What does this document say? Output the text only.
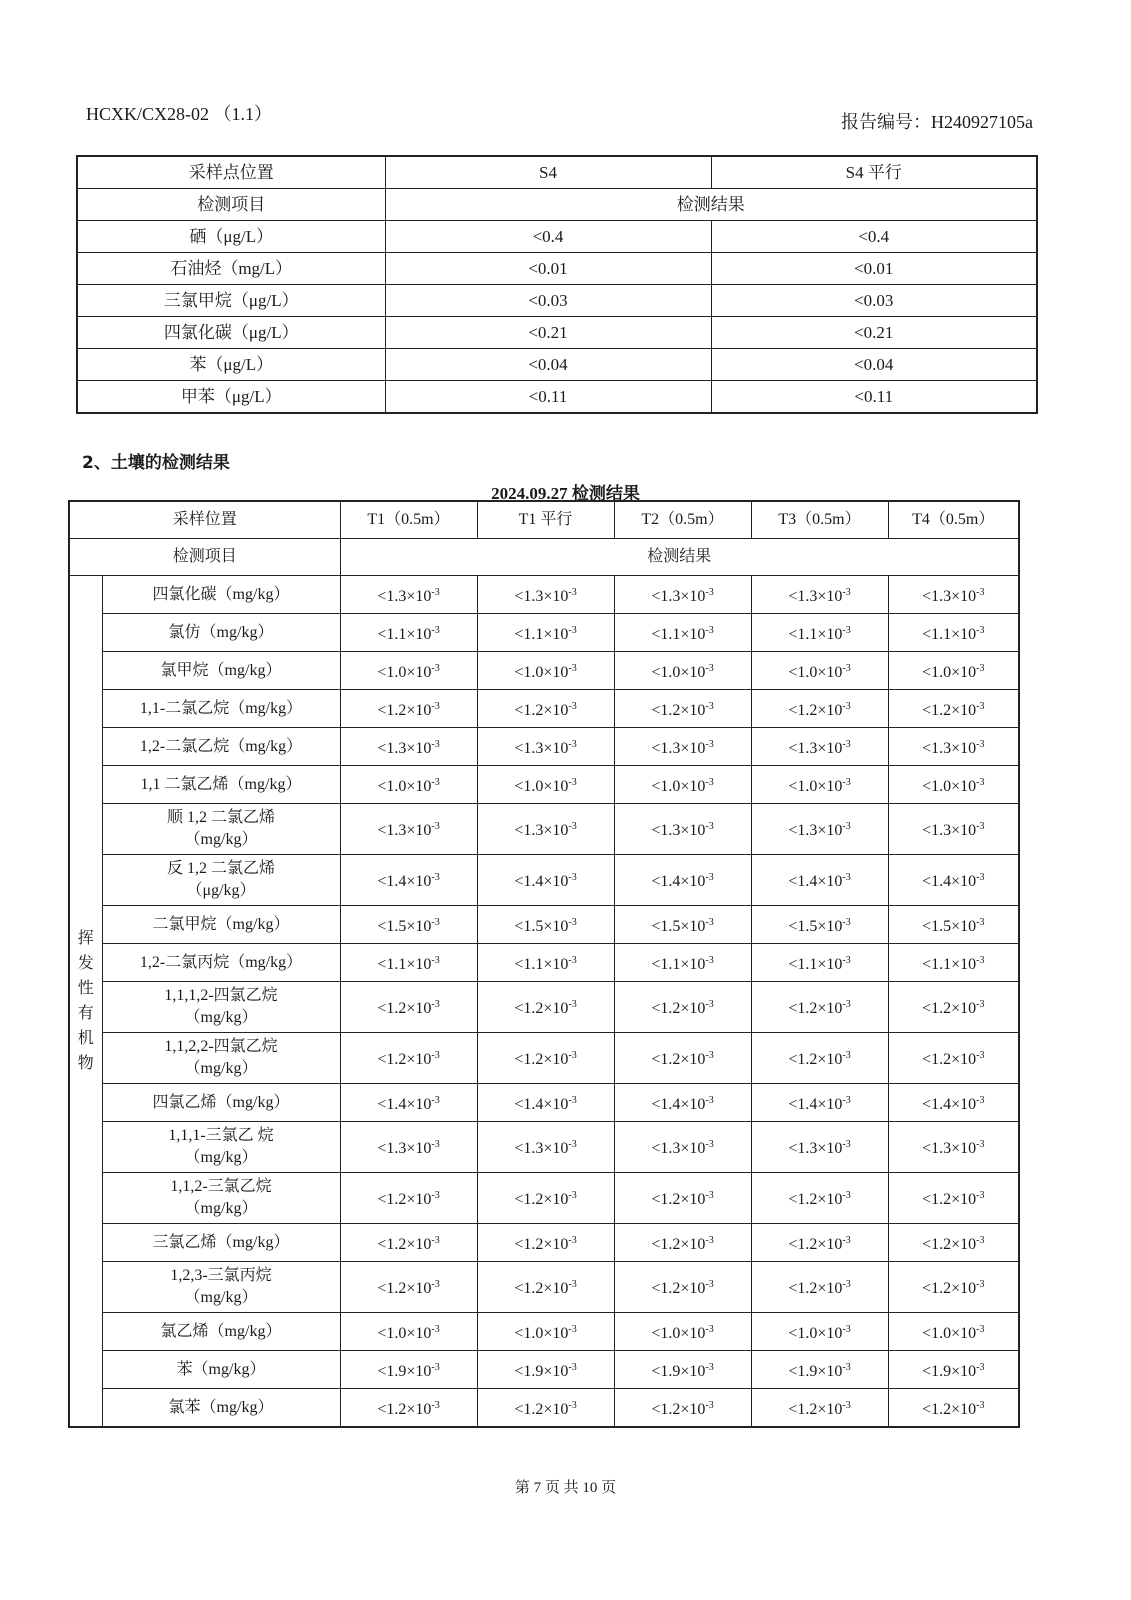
HCXK/CX28-02 （1.1）	报告编号：H240927105a
采样点位置	S4	S4 平行
检测项目	检测结果	
硒（μg/L）	<0.4	<0.4
石油烃（mg/L）	<0.01	<0.01
三氯甲烷（μg/L）	<0.03	<0.03
四氯化碳（μg/L）	<0.21	<0.21
苯（μg/L）	<0.04	<0.04
甲苯（μg/L）	<0.11	<0.11
2、土壤的检测结果
2024.09.27 检测结果
采样位置		T1（0.5m）	T1 平行	T2（0.5m）	T3（0.5m）	T4（0.5m）
检测项目		检测结果				
挥发性有机物	四氯化碳（mg/kg）	$<1.3\times 10^{-3}$	$<1.3\times 10^{-3}$	$<1.3\times 10^{-3}$	$<1.3\times 10^{-3}$	$<1.3\times 10^{-3}$
	氯仿（mg/kg）	$<1.1\times 10^{-3}$	$<1.1\times 10^{-3}$	$<1.1\times 10^{-3}$	$<1.1\times 10^{-3}$	$<1.1\times 10^{-3}$
	氯甲烷（mg/kg）	$<1.0\times 10^{-3}$	$<1.0\times 10^{-3}$	$<1.0\times 10^{-3}$	$<1.0\times 10^{-3}$	$<1.0\times 10^{-3}$
	1,1-二氯乙烷（mg/kg）	$<1.2\times 10^{-3}$	$<1.2\times 10^{-3}$	$<1.2\times 10^{-3}$	$<1.2\times 10^{-3}$	$<1.2\times 10^{-3}$
	1,2-二氯乙烷（mg/kg）	$<1.3\times 10^{-3}$	$<1.3\times 10^{-3}$	$<1.3\times 10^{-3}$	$<1.3\times 10^{-3}$	$<1.3\times 10^{-3}$
	1,1 二氯乙烯（mg/kg）	$<1.0\times 10^{-3}$	$<1.0\times 10^{-3}$	$<1.0\times 10^{-3}$	$<1.0\times 10^{-3}$	$<1.0\times 10^{-3}$
	顺 1,2 二氯乙烯
（mg/kg）	$<1.3\times 10^{-3}$	$<1.3\times 10^{-3}$	$<1.3\times 10^{-3}$	$<1.3\times 10^{-3}$	$<1.3\times 10^{-3}$
	反 1,2 二氯乙烯
（μg/kg）	$<1.4\times 10^{-3}$	$<1.4\times 10^{-3}$	$<1.4\times 10^{-3}$	$<1.4\times 10^{-3}$	$<1.4\times 10^{-3}$
	二氯甲烷（mg/kg）	$<1.5\times 10^{-3}$	$<1.5\times 10^{-3}$	$<1.5\times 10^{-3}$	$<1.5\times 10^{-3}$	$<1.5\times 10^{-3}$
	1,2-二氯丙烷（mg/kg）	$<1.1\times 10^{-3}$	$<1.1\times 10^{-3}$	$<1.1\times 10^{-3}$	$<1.1\times 10^{-3}$	$<1.1\times 10^{-3}$
	1,1,1,2-四氯乙烷
（mg/kg）	$<1.2\times 10^{-3}$	$<1.2\times 10^{-3}$	$<1.2\times 10^{-3}$	$<1.2\times 10^{-3}$	$<1.2\times 10^{-3}$
	1,1,2,2-四氯乙烷
（mg/kg）	$<1.2\times 10^{-3}$	$<1.2\times 10^{-3}$	$<1.2\times 10^{-3}$	$<1.2\times 10^{-3}$	$<1.2\times 10^{-3}$
	四氯乙烯（mg/kg）	$<1.4\times 10^{-3}$	$<1.4\times 10^{-3}$	$<1.4\times 10^{-3}$	$<1.4\times 10^{-3}$	$<1.4\times 10^{-3}$
	1,1,1-三氯乙 烷
（mg/kg）	$<1.3\times 10^{-3}$	$<1.3\times 10^{-3}$	$<1.3\times 10^{-3}$	$<1.3\times 10^{-3}$	$<1.3\times 10^{-3}$
	1,1,2-三氯乙烷
（mg/kg）	$<1.2\times 10^{-3}$	$<1.2\times 10^{-3}$	$<1.2\times 10^{-3}$	$<1.2\times 10^{-3}$	$<1.2\times 10^{-3}$
	三氯乙烯（mg/kg）	$<1.2\times 10^{-3}$	$<1.2\times 10^{-3}$	$<1.2\times 10^{-3}$	$<1.2\times 10^{-3}$	$<1.2\times 10^{-3}$
	1,2,3-三氯丙烷
（mg/kg）	$<1.2\times 10^{-3}$	$<1.2\times 10^{-3}$	$<1.2\times 10^{-3}$	$<1.2\times 10^{-3}$	$<1.2\times 10^{-3}$
	氯乙烯（mg/kg）	$<1.0\times 10^{-3}$	$<1.0\times 10^{-3}$	$<1.0\times 10^{-3}$	$<1.0\times 10^{-3}$	$<1.0\times 10^{-3}$
	苯（mg/kg）	$<1.9\times 10^{-3}$	$<1.9\times 10^{-3}$	$<1.9\times 10^{-3}$	$<1.9\times 10^{-3}$	$<1.9\times 10^{-3}$
	氯苯（mg/kg）	$<1.2\times 10^{-3}$	$<1.2\times 10^{-3}$	$<1.2\times 10^{-3}$	$<1.2\times 10^{-3}$	$<1.2\times 10^{-3}$
第 7 页 共 10 页
